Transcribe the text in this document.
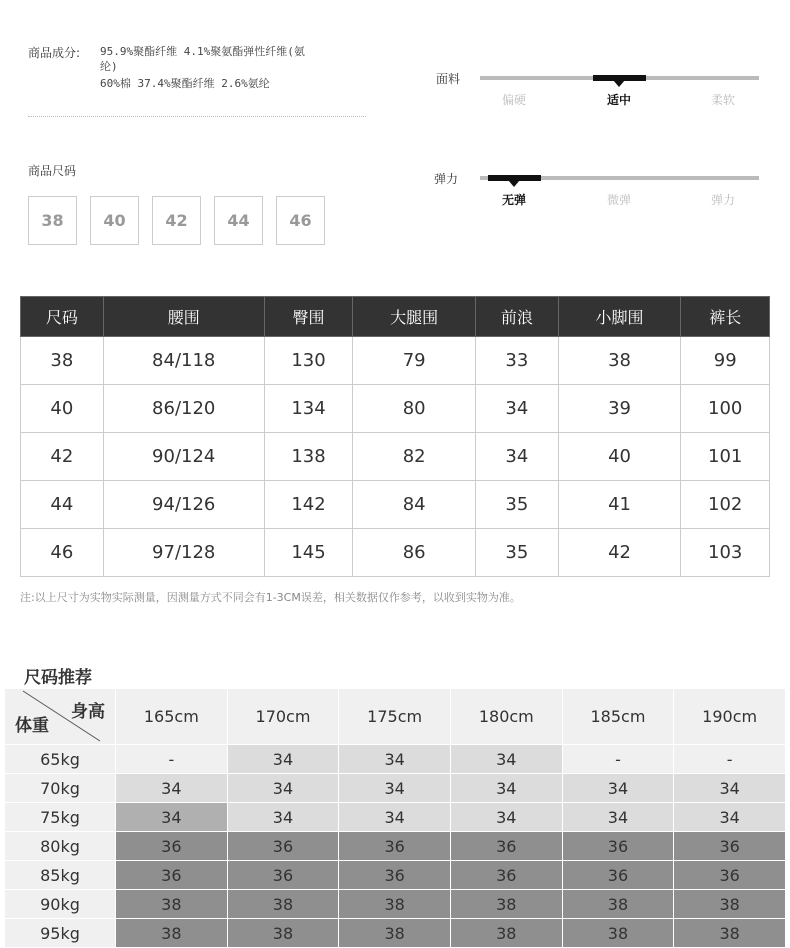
商品成分: 95.9%聚酯纤维 4.1%聚氨酯弹性纤维(氨
纶)
60%棉 37.4%聚酯纤维 2.6%氨纶
商品尺码
38	40	42	44	46
面料
偏硬	适中	柔软
弹力
无弹	微弹	弹力
尺码	腰围	臀围	大腿围	前浪	小脚围	裤长
38	84/118	130	79	33	38	99
40	86/120	134	80	34	39	100
42	90/124	138	82	34	40	101
44	94/126	142	84	35	41	102
46	97/128	145	86	35	42	103
注:以上尺寸为实物实际测量，因测量方式不同会有1-3CM误差，相关数据仅作参考，以收到实物为准。
尺码推荐
身高
体重	165cm	170cm	175cm	180cm	185cm	190cm
65kg	-	34	34	34	-	-
70kg	34	34	34	34	34	34
75kg	34	34	34	34	34	34
80kg	36	36	36	36	36	36
85kg	36	36	36	36	36	36
90kg	38	38	38	38	38	38
95kg	38	38	38	38	38	38
